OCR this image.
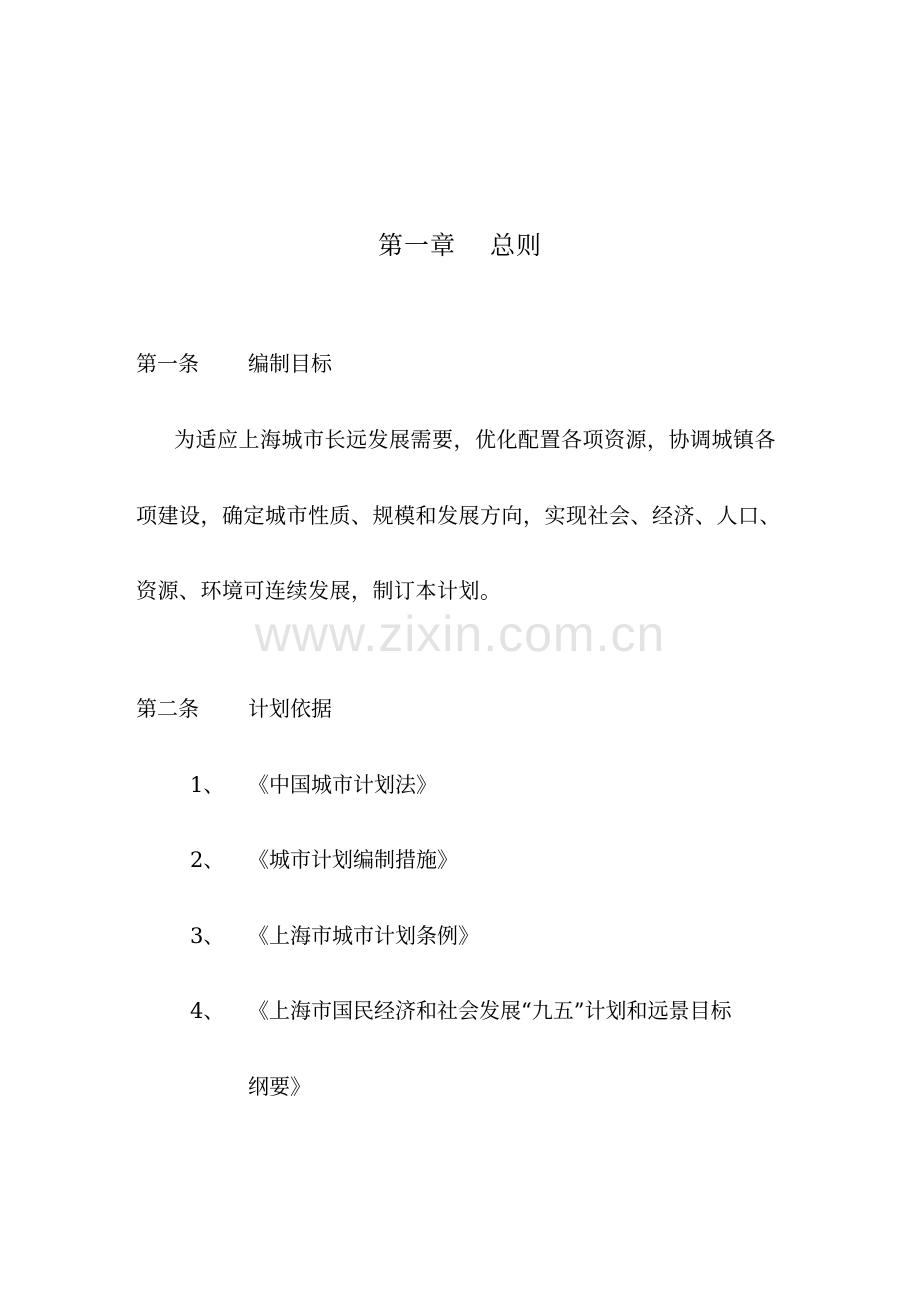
第一章 总则
第一条 编制目标
为适应上海城市长远发展需要，优化配置各项资源，协调城镇各
项建设，确定城市性质、规模和发展方向，实现社会、经济、人口、
资源、环境可连续发展，制订本计划。
www.zixin.com.cn
第二条 计划依据
1、 《中国城市计划法》
2、 《城市计划编制措施》
3、 《上海市城市计划条例》
4、 《上海市国民经济和社会发展“九五”计划和远景目标
纲要》
